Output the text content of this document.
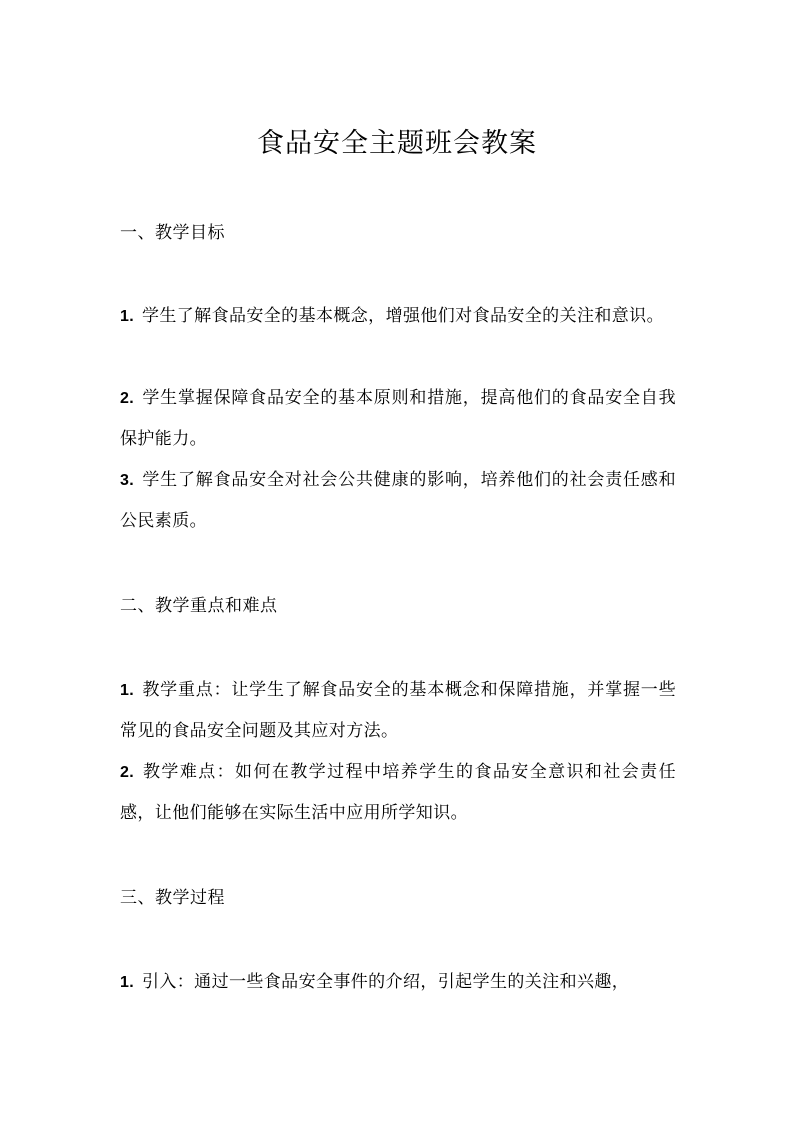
食品安全主题班会教案
一、教学目标

1. 学生了解食品安全的基本概念，增强他们对食品安全的关注和意识。

2. 学生掌握保障食品安全的基本原则和措施，提高他们的食品安全自我保护能力。

3. 学生了解食品安全对社会公共健康的影响，培养他们的社会责任感和公民素质。

二、教学重点和难点

1. 教学重点：让学生了解食品安全的基本概念和保障措施，并掌握一些常见的食品安全问题及其应对方法。

2. 教学难点：如何在教学过程中培养学生的食品安全意识和社会责任感，让他们能够在实际生活中应用所学知识。

三、教学过程

1. 引入：通过一些食品安全事件的介绍，引起学生的关注和兴趣，
